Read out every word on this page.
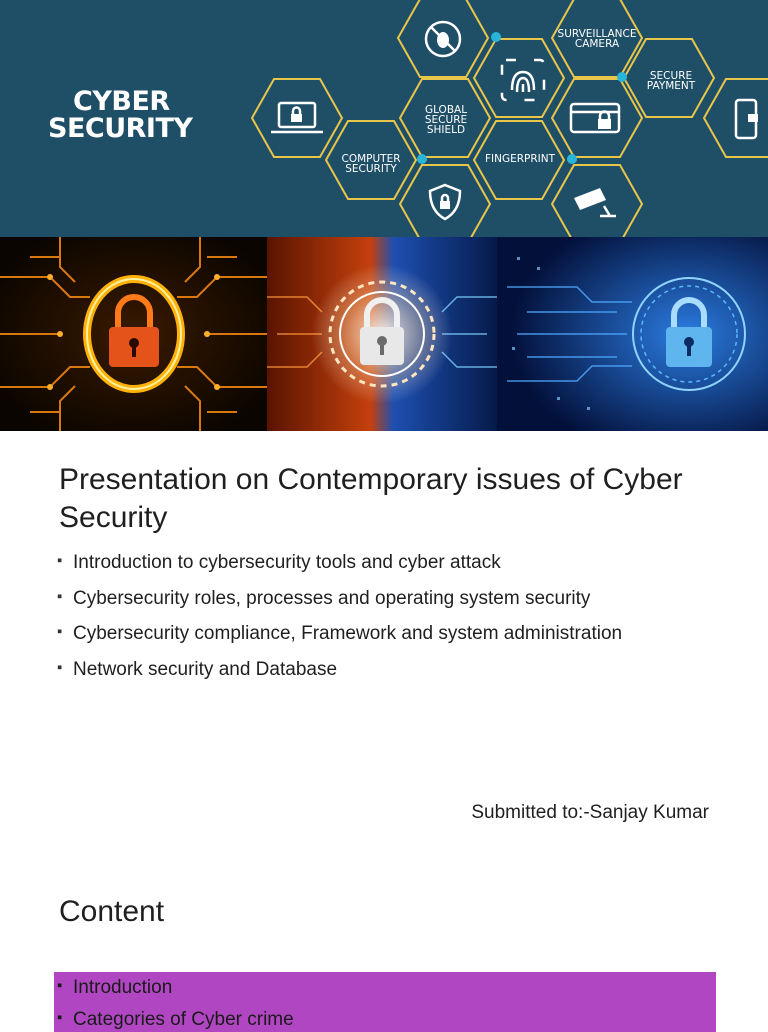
CYBER
SECURITY
SURVEILLANCE
CAMERA
SECURE
PAYMENT
GLOBAL
SECURE
SHIELD
COMPUTER
SECURITY
FINGERPRINT
Presentation on Contemporary issues of Cyber Security
▪ Introduction to cybersecurity tools and cyber attack
▪ Cybersecurity roles, processes and operating system security
▪ Cybersecurity compliance, Framework and system administration
▪ Network security and Database
Submitted to:-Sanjay Kumar
Content
▪ Introduction
▪ Categories of Cyber crime
